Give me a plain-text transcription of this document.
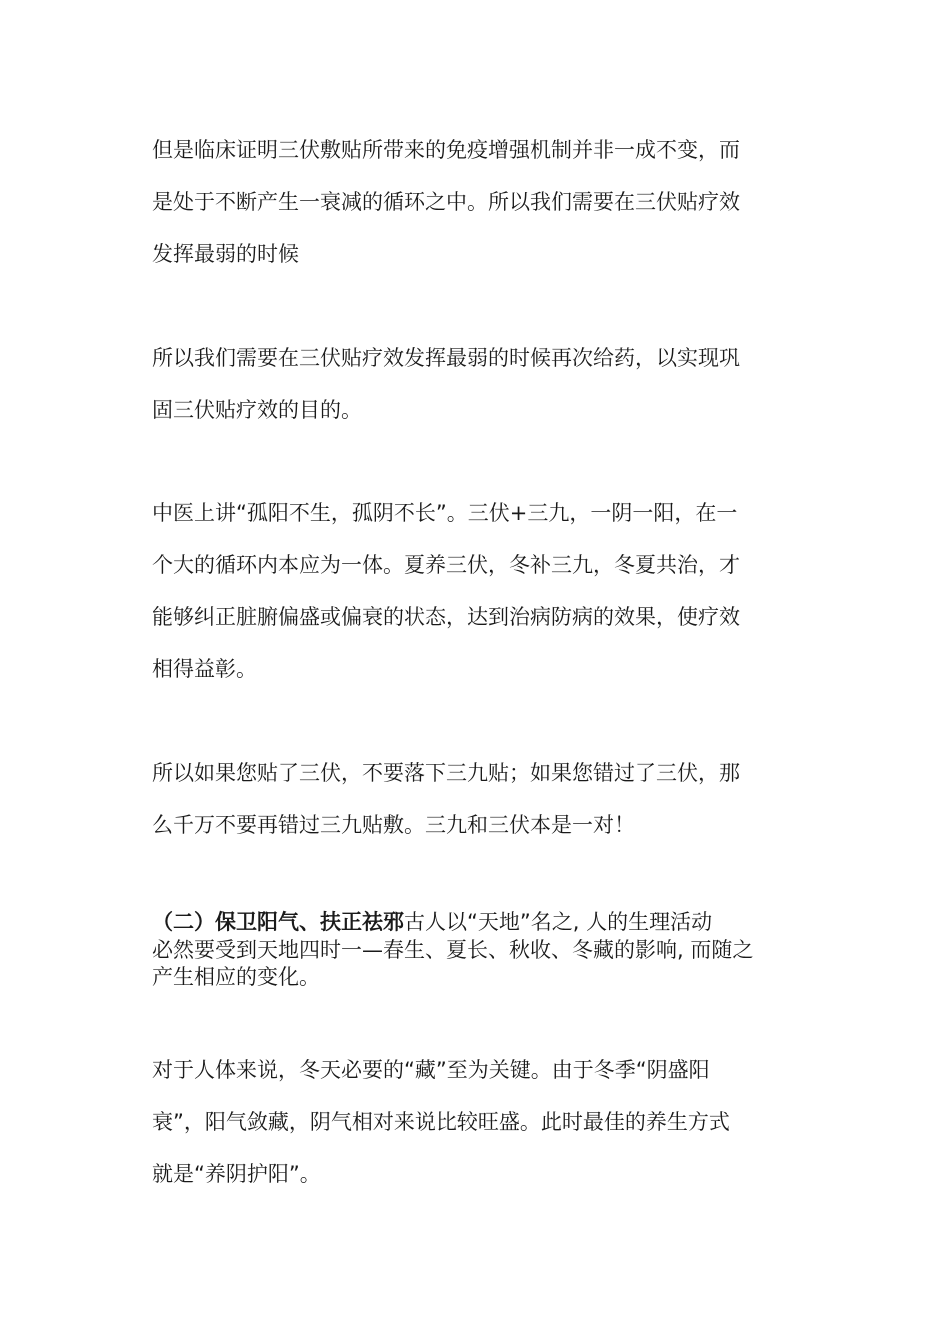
但是临床证明三伏敷贴所带来的免疫增强机制并非一成不变，而
是处于不断产生一衰减的循环之中。所以我们需要在三伏贴疗效
发挥最弱的时候
所以我们需要在三伏贴疗效发挥最弱的时候再次给药，以实现巩
固三伏贴疗效的目的。
中医上讲“孤阳不生，孤阴不长”。三伏+三九，一阴一阳，在一
个大的循环内本应为一体。夏养三伏，冬补三九，冬夏共治，才
能够纠正脏腑偏盛或偏衰的状态，达到治病防病的效果，使疗效
相得益彰。
所以如果您贴了三伏，不要落下三九贴；如果您错过了三伏，那
么千万不要再错过三九贴敷。三九和三伏本是一对！
（二）保卫阳气、扶正祛邪古人以“天地”名之, 人的生理活动
必然要受到天地四时一—春生、夏长、秋收、冬藏的影响, 而随之
产生相应的变化。
对于人体来说，冬天必要的“藏”至为关键。由于冬季“阴盛阳
衰”，阳气敛藏，阴气相对来说比较旺盛。此时最佳的养生方式
就是“养阴护阳”。
